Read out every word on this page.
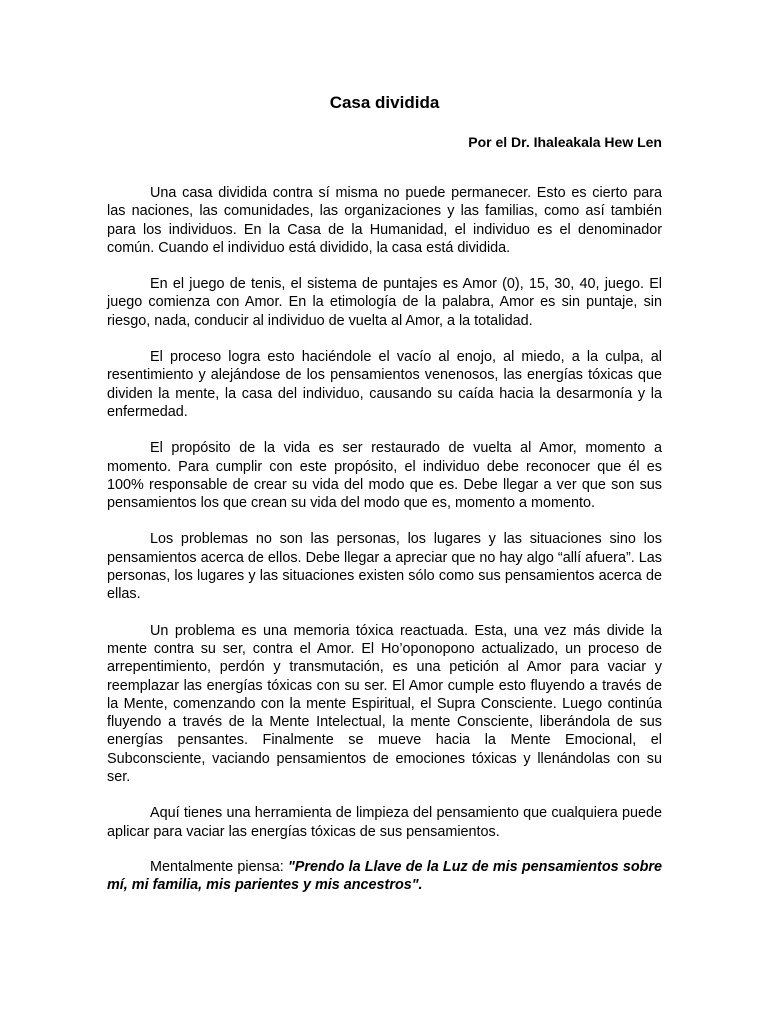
Casa dividida
Por el Dr. Ihaleakala Hew Len

Una casa dividida contra sí misma no puede permanecer. Esto es cierto para las naciones, las comunidades, las organizaciones y las familias, como así también para los individuos. En la Casa de la Humanidad, el individuo es el denominador común. Cuando el individuo está dividido, la casa está dividida.

En el juego de tenis, el sistema de puntajes es Amor (0), 15, 30, 40, juego. El juego comienza con Amor. En la etimología de la palabra, Amor es sin puntaje, sin riesgo, nada, conducir al individuo de vuelta al Amor, a la totalidad.

El proceso logra esto haciéndole el vacío al enojo, al miedo, a la culpa, al resentimiento y alejándose de los pensamientos venenosos, las energías tóxicas que dividen la mente, la casa del individuo, causando su caída hacia la desarmonía y la enfermedad.

El propósito de la vida es ser restaurado de vuelta al Amor, momento a momento. Para cumplir con este propósito, el individuo debe reconocer que él es 100% responsable de crear su vida del modo que es. Debe llegar a ver que son sus pensamientos los que crean su vida del modo que es, momento a momento.

Los problemas no son las personas, los lugares y las situaciones sino los pensamientos acerca de ellos. Debe llegar a apreciar que no hay algo “allí afuera”. Las personas, los lugares y las situaciones existen sólo como sus pensamientos acerca de ellas.

Un problema es una memoria tóxica reactuada. Esta, una vez más divide la mente contra su ser, contra el Amor. El Ho’oponopono actualizado, un proceso de arrepentimiento, perdón y transmutación, es una petición al Amor para vaciar y reemplazar las energías tóxicas con su ser. El Amor cumple esto fluyendo a través de la Mente, comenzando con la mente Espiritual, el Supra Consciente. Luego continúa fluyendo a través de la Mente Intelectual, la mente Consciente, liberándola de sus energías pensantes. Finalmente se mueve hacia la Mente Emocional, el Subconsciente, vaciando pensamientos de emociones tóxicas y llenándolas con su ser.

Aquí tienes una herramienta de limpieza del pensamiento que cualquiera puede aplicar para vaciar las energías tóxicas de sus pensamientos.

Mentalmente piensa: "Prendo la Llave de la Luz de mis pensamientos sobre mí, mi familia, mis parientes y mis ancestros".
